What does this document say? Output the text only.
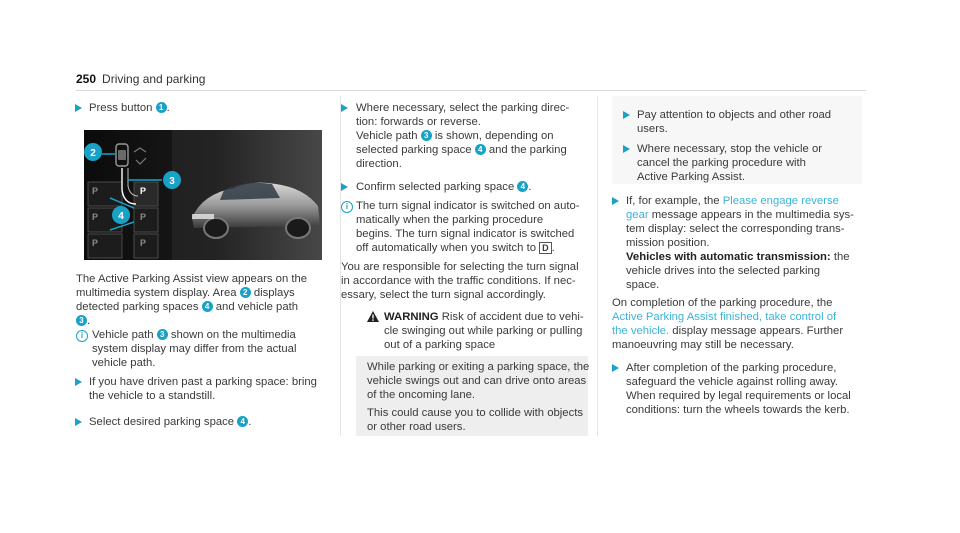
250 Driving and parking
Press button 1 .
P
P
P
P
P
P
2
3
4
The Active Parking Assist view appears on the
multimedia system display. Area 2 displays
detected parking spaces 4 and vehicle path
3 .
i Vehicle path 3 shown on the multimedia
system display may differ from the actual
vehicle path.
If you have driven past a parking space: bring
the vehicle to a standstill.
Select desired parking space 4 .
Where necessary, select the parking direc-
tion: forwards or reverse.
Vehicle path 3 is shown, depending on
selected parking space 4 and the parking
direction.
Confirm selected parking space 4 .
i The turn signal indicator is switched on auto-
matically when the parking procedure
begins. The turn signal indicator is switched
off automatically when you switch to D .
You are responsible for selecting the turn signal
in accordance with the traffic conditions. If nec-
essary, select the turn signal accordingly.
WARNING Risk of accident due to vehi-
cle swinging out while parking or pulling
out of a parking space
While parking or exiting a parking space, the
vehicle swings out and can drive onto areas
of the oncoming lane.
This could cause you to collide with objects
or other road users.
Pay attention to objects and other road
users.
Where necessary, stop the vehicle or
cancel the parking procedure with
Active Parking Assist.
If, for example, the Please engage reverse
gear message appears in the multimedia sys-
tem display: select the corresponding trans-
mission position.
Vehicles with automatic transmission: the
vehicle drives into the selected parking
space.
On completion of the parking procedure, the
Active Parking Assist finished, take control of
the vehicle. display message appears. Further
manoeuvring may still be necessary.
After completion of the parking procedure,
safeguard the vehicle against rolling away.
When required by legal requirements or local
conditions: turn the wheels towards the kerb.
